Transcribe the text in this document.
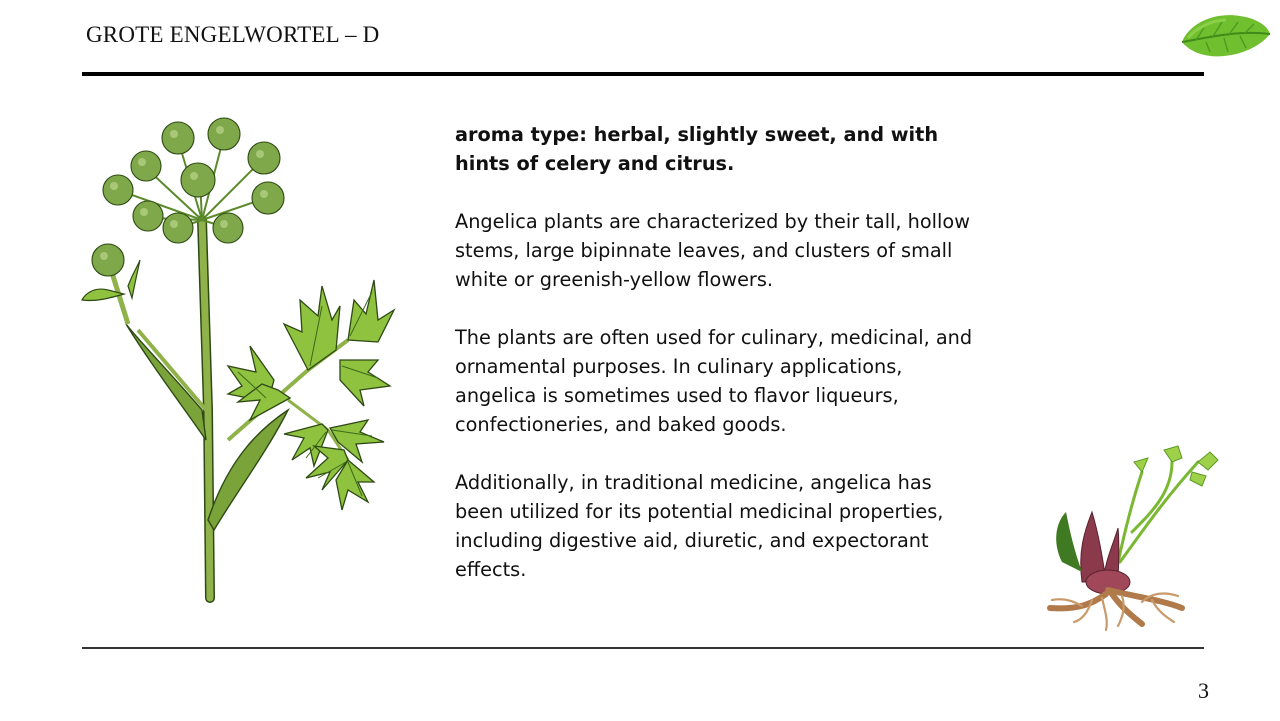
GROTE ENGELWORTEL – D

aroma type: herbal, slightly sweet, and with hints of celery and citrus.

Angelica plants are characterized by their tall, hollow stems, large bipinnate leaves, and clusters of small white or greenish-yellow flowers.

The plants are often used for culinary, medicinal, and ornamental purposes. In culinary applications, angelica is sometimes used to flavor liqueurs, confectioneries, and baked goods.

Additionally, in traditional medicine, angelica has been utilized for its potential medicinal properties, including digestive aid, diuretic, and expectorant effects.

3
